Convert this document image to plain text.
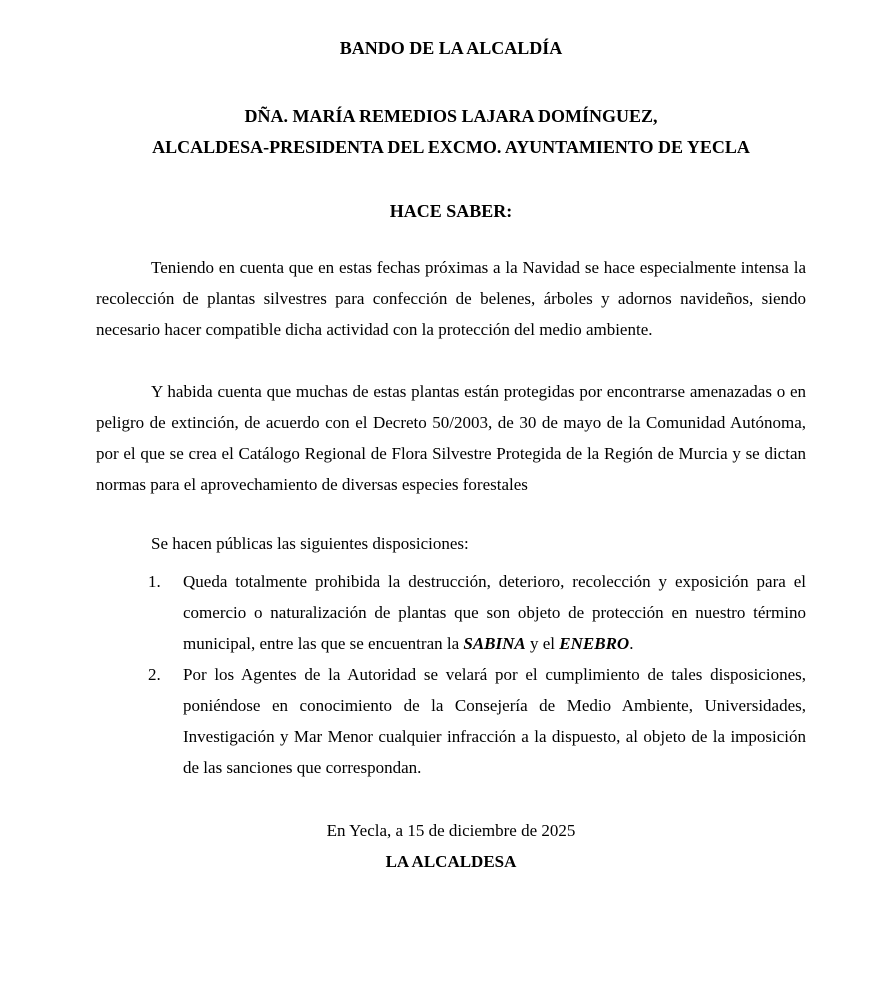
BANDO DE LA ALCALDÍA
DÑA. MARÍA REMEDIOS LAJARA DOMÍNGUEZ,
ALCALDESA-PRESIDENTA DEL EXCMO. AYUNTAMIENTO DE YECLA
HACE SABER:

Teniendo en cuenta que en estas fechas próximas a la Navidad se hace especialmente intensa la recolección de plantas silvestres para confección de belenes, árboles y adornos navideños, siendo necesario hacer compatible dicha actividad con la protección del medio ambiente.

Y habida cuenta que muchas de estas plantas están protegidas por encontrarse amenazadas o en peligro de extinción, de acuerdo con el Decreto 50/2003, de 30 de mayo de la Comunidad Autónoma, por el que se crea el Catálogo Regional de Flora Silvestre Protegida de la Región de Murcia y se dictan normas para el aprovechamiento de diversas especies forestales

Se hacen públicas las siguientes disposiciones:

1. Queda totalmente prohibida la destrucción, deterioro, recolección y exposición para el comercio o naturalización de plantas que son objeto de protección en nuestro término municipal, entre las que se encuentran la SABINA y el ENEBRO.
2. Por los Agentes de la Autoridad se velará por el cumplimiento de tales disposiciones, poniéndose en conocimiento de la Consejería de Medio Ambiente, Universidades, Investigación y Mar Menor cualquier infracción a la dispuesto, al objeto de la imposición de las sanciones que correspondan.

En Yecla, a 15 de diciembre de 2025

LA ALCALDESA
